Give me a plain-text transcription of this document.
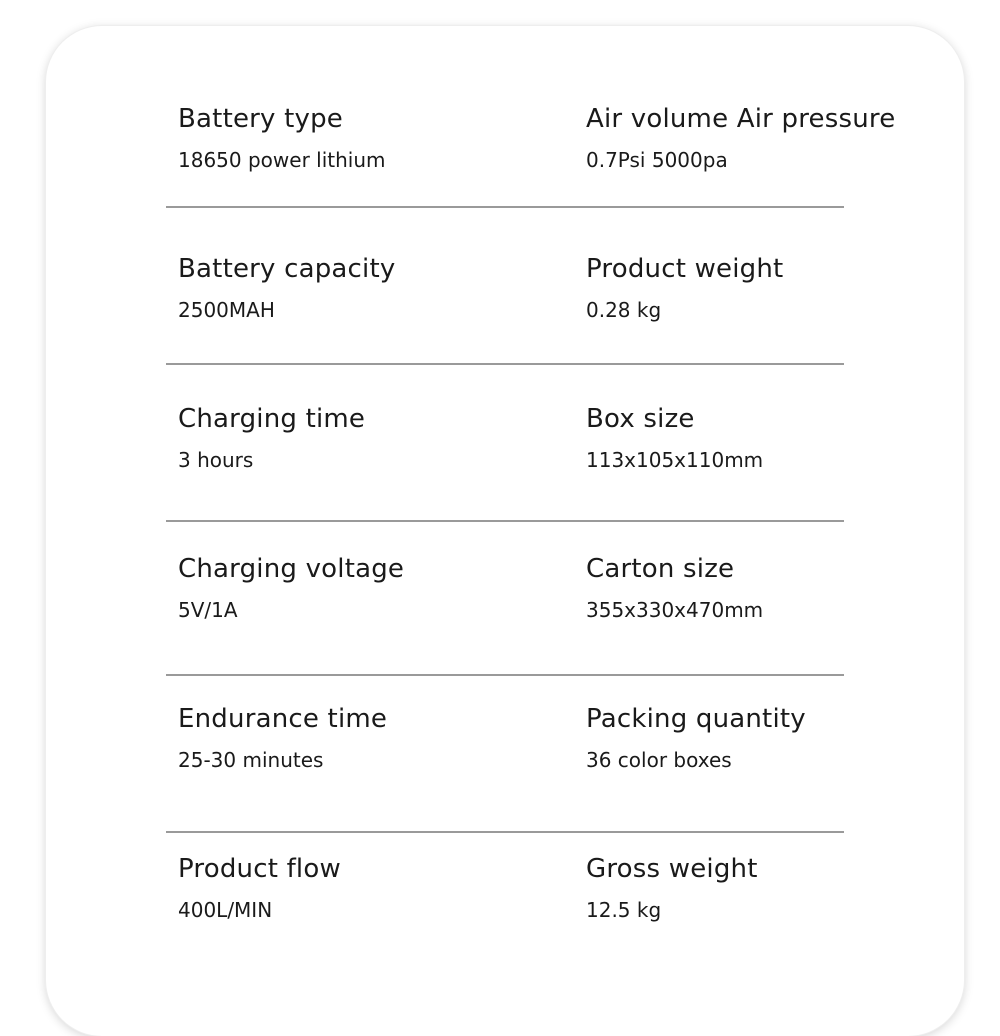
Battery type
18650 power lithium
Air volume Air pressure
0.7Psi 5000pa
Battery capacity
2500MAH
Product weight
0.28 kg
Charging time
3 hours
Box size
113x105x110mm
Charging voltage
5V/1A
Carton size
355x330x470mm
Endurance time
25-30 minutes
Packing quantity
36 color boxes
Product flow
400L/MIN
Gross weight
12.5 kg
